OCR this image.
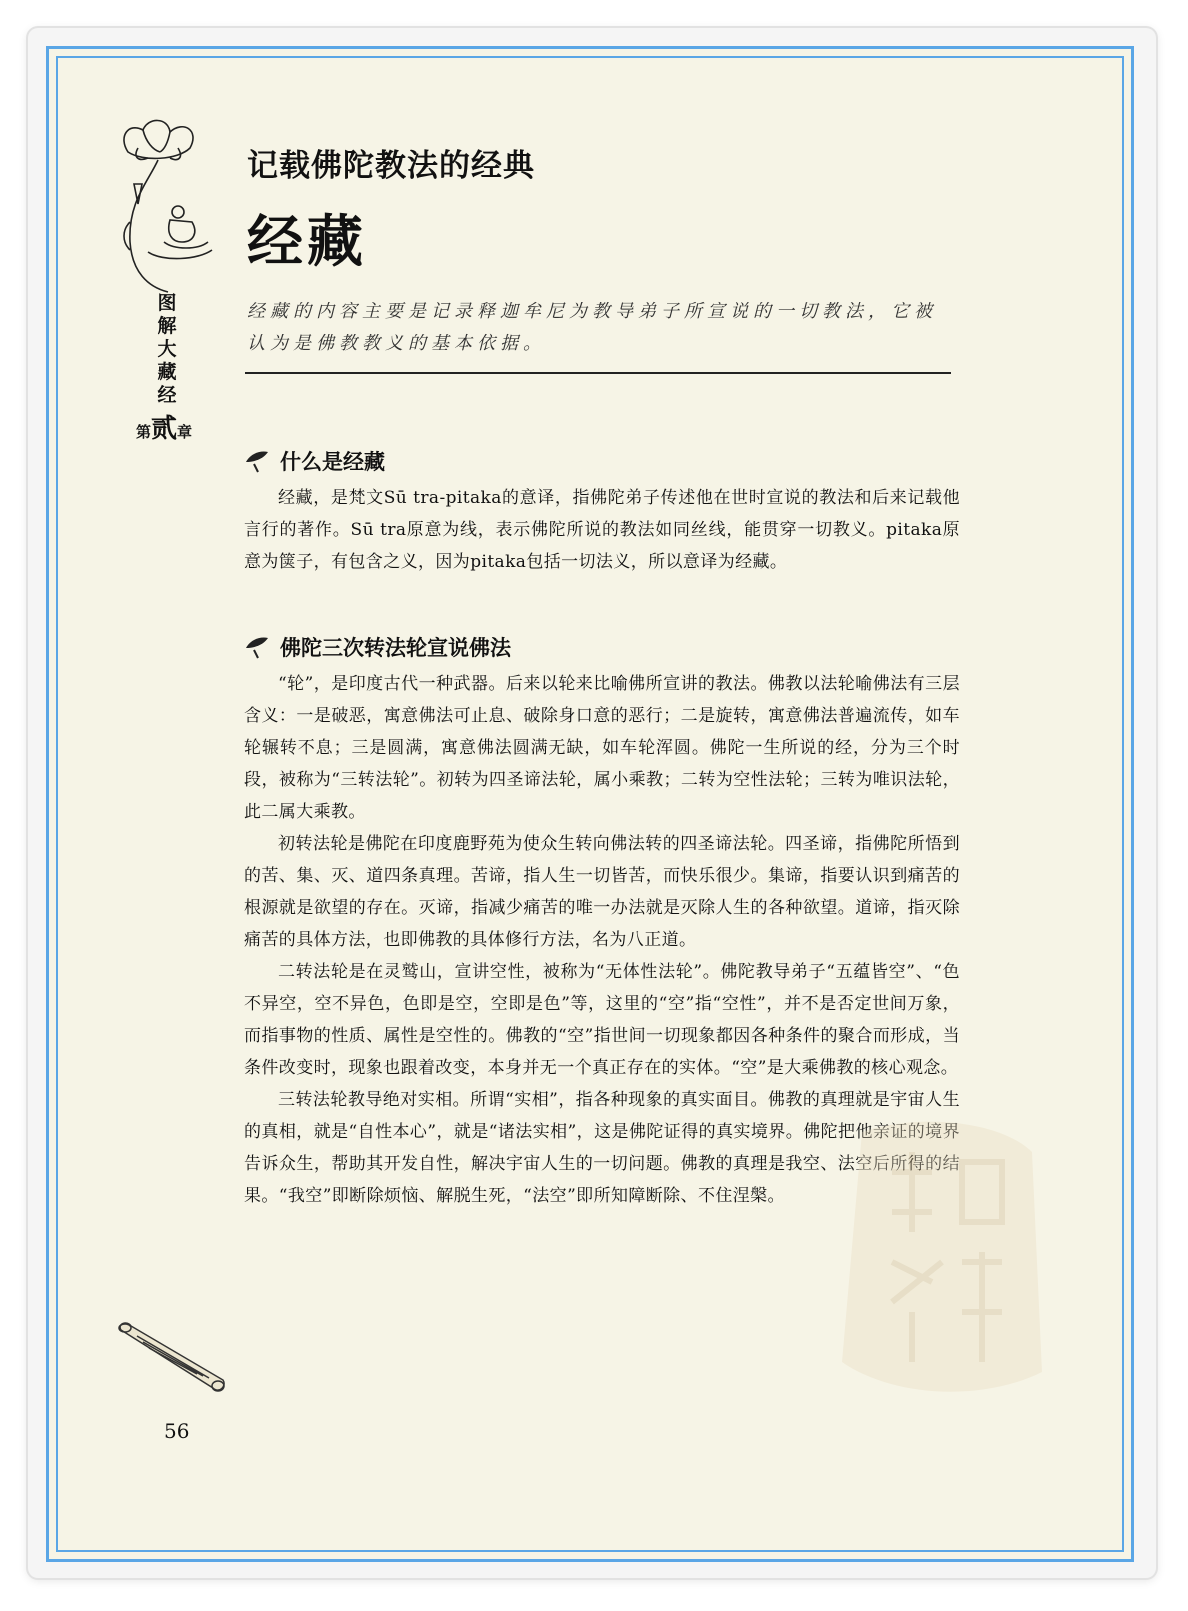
图
解
大
藏
经
第贰章
记载佛陀教法的经典
经藏
经藏的内容主要是记录释迦牟尼为教导弟子所宣说的一切教法，它被认为是佛教教义的基本依据。
什么是经藏

经藏，是梵文Sū tra-pitaka的意译，指佛陀弟子传述他在世时宣说的教法和后来记载他言行的著作。Sū tra原意为线，表示佛陀所说的教法如同丝线，能贯穿一切教义。pitaka原意为箧子，有包含之义，因为pitaka包括一切法义，所以意译为经藏。

佛陀三次转法轮宣说佛法

“轮”，是印度古代一种武器。后来以轮来比喻佛所宣讲的教法。佛教以法轮喻佛法有三层含义：一是破恶，寓意佛法可止息、破除身口意的恶行；二是旋转，寓意佛法普遍流传，如车轮辗转不息；三是圆满，寓意佛法圆满无缺，如车轮浑圆。佛陀一生所说的经，分为三个时段，被称为“三转法轮”。初转为四圣谛法轮，属小乘教；二转为空性法轮；三转为唯识法轮，此二属大乘教。

初转法轮是佛陀在印度鹿野苑为使众生转向佛法转的四圣谛法轮。四圣谛，指佛陀所悟到的苦、集、灭、道四条真理。苦谛，指人生一切皆苦，而快乐很少。集谛，指要认识到痛苦的根源就是欲望的存在。灭谛，指减少痛苦的唯一办法就是灭除人生的各种欲望。道谛，指灭除痛苦的具体方法，也即佛教的具体修行方法，名为八正道。

二转法轮是在灵鹫山，宣讲空性，被称为“无体性法轮”。佛陀教导弟子“五蕴皆空”、“色不异空，空不异色，色即是空，空即是色”等，这里的“空”指“空性”，并不是否定世间万象，而指事物的性质、属性是空性的。佛教的“空”指世间一切现象都因各种条件的聚合而形成，当条件改变时，现象也跟着改变，本身并无一个真正存在的实体。“空”是大乘佛教的核心观念。

三转法轮教导绝对实相。所谓“实相”，指各种现象的真实面目。佛教的真理就是宇宙人生的真相，就是“自性本心”，就是“诸法实相”，这是佛陀证得的真实境界。佛陀把他亲证的境界告诉众生，帮助其开发自性，解决宇宙人生的一切问题。佛教的真理是我空、法空后所得的结果。“我空”即断除烦恼、解脱生死，“法空”即所知障断除、不住涅槃。

56
